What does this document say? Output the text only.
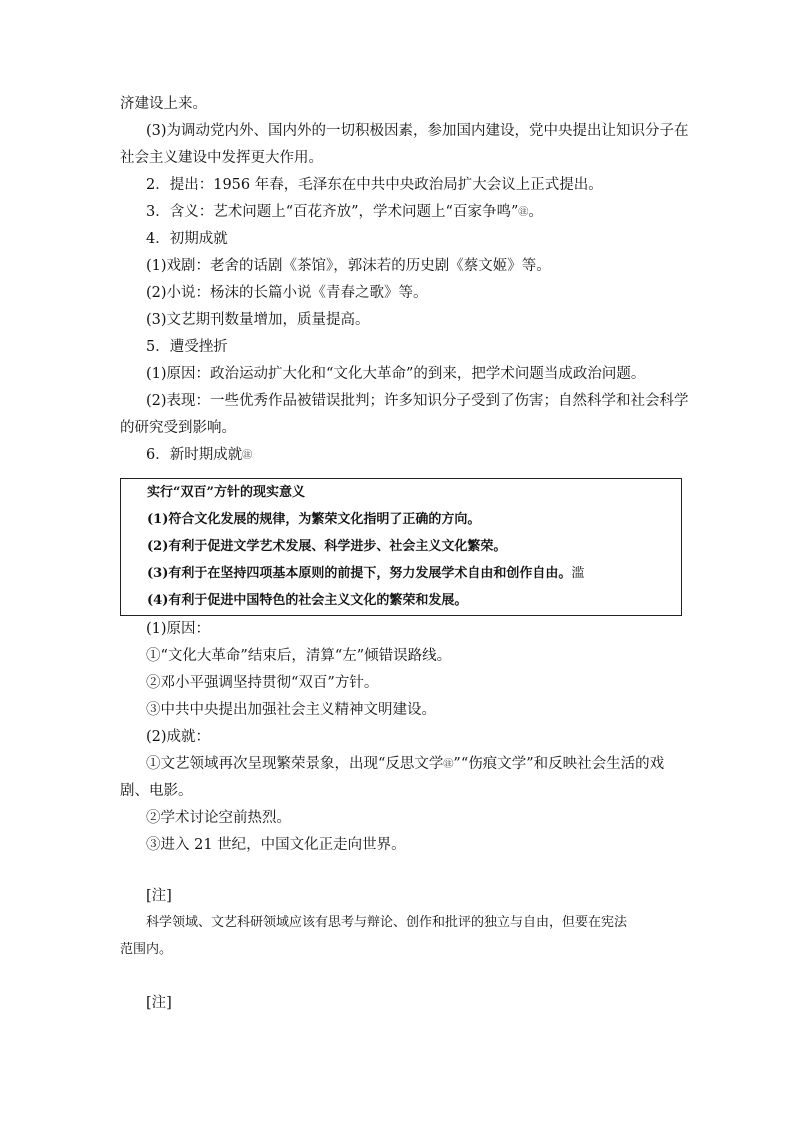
济建设上来。
(3)为调动党内外、国内外的一切积极因素，参加国内建设，党中央提出让知识分子在
社会主义建设中发挥更大作用。
2．提出：1956 年春，毛泽东在中共中央政治局扩大会议上正式提出。
3．含义：艺术问题上“百花齐放”，学术问题上“百家争鸣”㊟。
4．初期成就
(1)戏剧：老舍的话剧《茶馆》，郭沫若的历史剧《蔡文姬》等。
(2)小说：杨沫的长篇小说《青春之歌》等。
(3)文艺期刊数量增加，质量提高。
5．遭受挫折
(1)原因：政治运动扩大化和“文化大革命”的到来，把学术问题当成政治问题。
(2)表现：一些优秀作品被错误批判；许多知识分子受到了伤害；自然科学和社会科学
的研究受到影响。
6．新时期成就㊟
实行“双百”方针的现实意义
(1)符合文化发展的规律，为繁荣文化指明了正确的方向。
(2)有利于促进文学艺术发展、科学进步、社会主义文化繁荣。
(3)有利于在坚持四项基本原则的前提下，努力发展学术自由和创作自由。滥
(4)有利于促进中国特色的社会主义文化的繁荣和发展。
(1)原因：
①“文化大革命”结束后，清算“左”倾错误路线。
②邓小平强调坚持贯彻“双百”方针。
③中共中央提出加强社会主义精神文明建设。
(2)成就：
①文艺领域再次呈现繁荣景象，出现“反思文学㊟”“伤痕文学”和反映社会生活的戏
剧、电影。
②学术讨论空前热烈。
③进入 21 世纪，中国文化正走向世界。
[注]
科学领域、文艺科研领域应该有思考与辩论、创作和批评的独立与自由，但要在宪法
范围内。
[注]
